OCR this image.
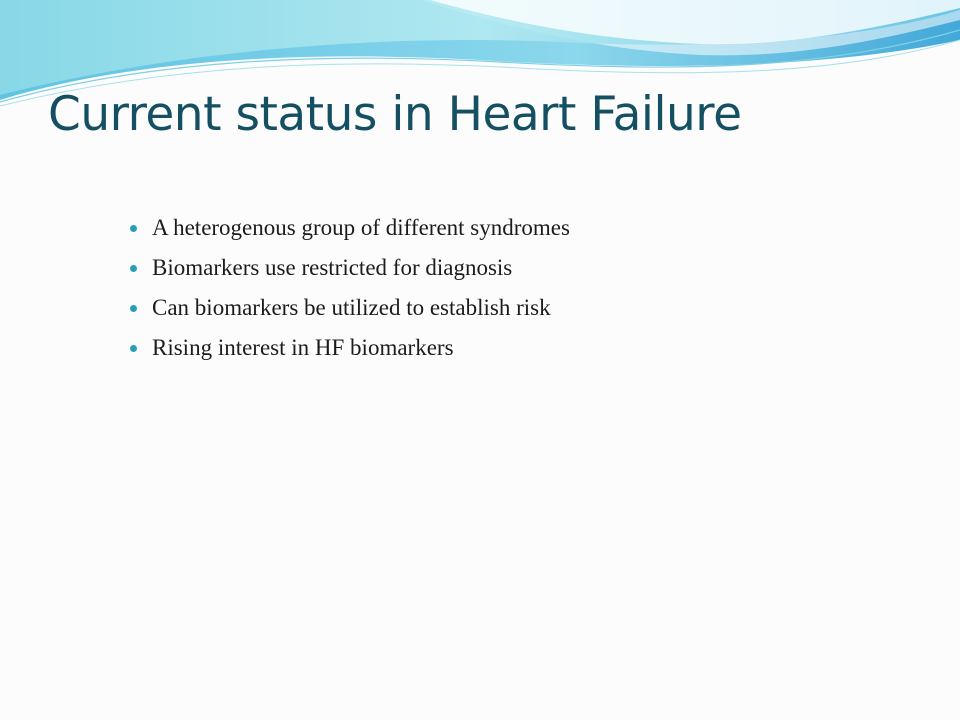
Current status in Heart Failure
A heterogenous group of different syndromes
Biomarkers use restricted for diagnosis
Can biomarkers be utilized to establish risk
Rising interest in HF biomarkers
